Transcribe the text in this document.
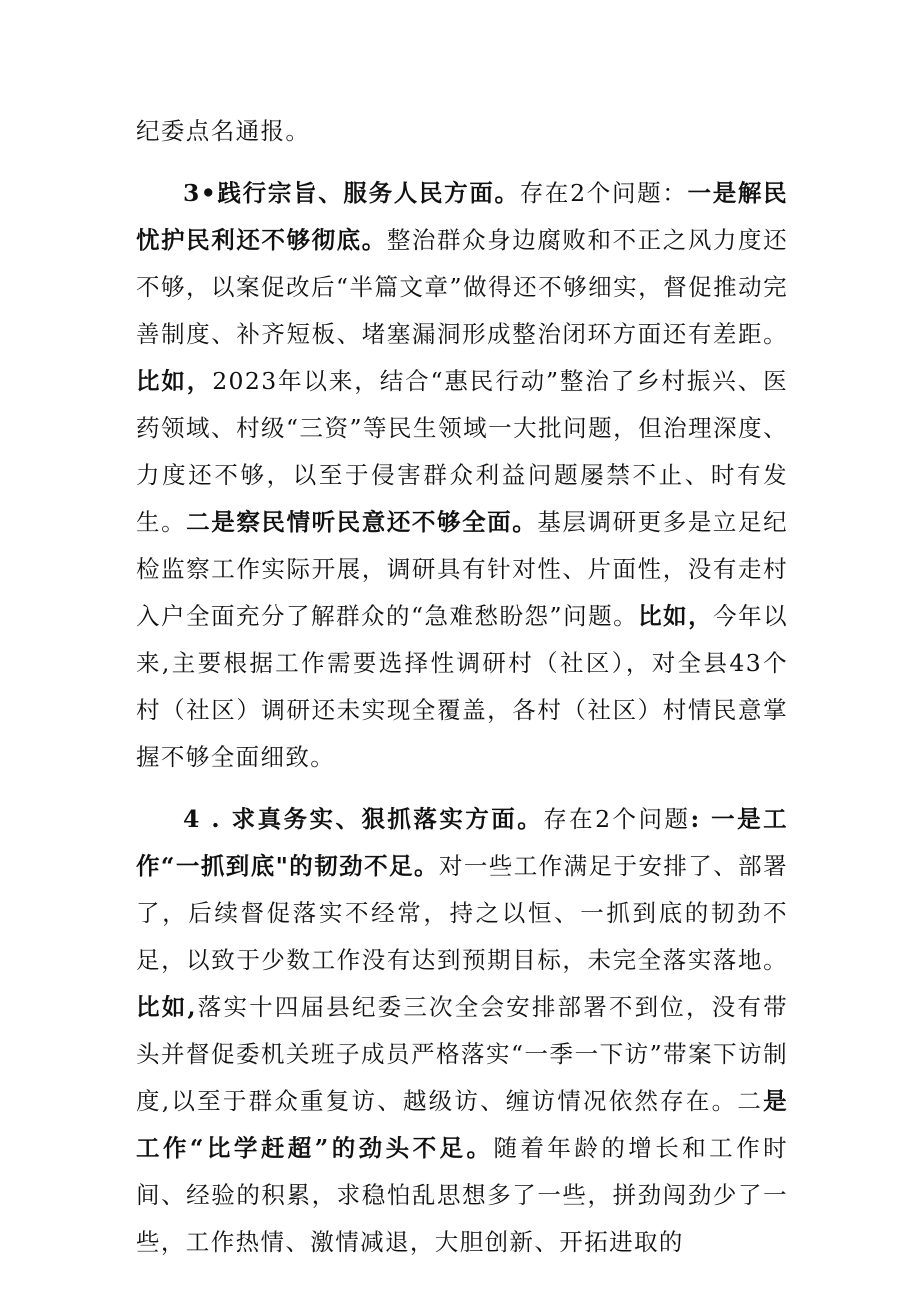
纪委点名通报。

3•践行宗旨、服务人民方面。存在2个问题：一是解民忧护民利还不够彻底。整治群众身边腐败和不正之风力度还不够，以案促改后“半篇文章”做得还不够细实，督促推动完善制度、补齐短板、堵塞漏洞形成整治闭环方面还有差距。比如，2023年以来，结合“惠民行动”整治了乡村振兴、医药领域、村级“三资”等民生领域一大批问题，但治理深度、力度还不够，以至于侵害群众利益问题屡禁不止、时有发生。二是察民情听民意还不够全面。基层调研更多是立足纪检监察工作实际开展，调研具有针对性、片面性，没有走村入户全面充分了解群众的“急难愁盼怨”问题。比如，今年以来,主要根据工作需要选择性调研村（社区），对全县43个村（社区）调研还未实现全覆盖，各村（社区）村情民意掌握不够全面细致。

4 . 求真务实、狠抓落实方面。存在2个问题: 一是工作“一抓到底"的韧劲不足。对一些工作满足于安排了、部署了，后续督促落实不经常，持之以恒、一抓到底的韧劲不足，以致于少数工作没有达到预期目标，未完全落实落地。比如,落实十四届县纪委三次全会安排部署不到位，没有带头并督促委机关班子成员严格落实“一季一下访”带案下访制度,以至于群众重复访、越级访、缠访情况依然存在。二是工作“比学赶超”的劲头不足。随着年龄的增长和工作时间、经验的积累，求稳怕乱思想多了一些，拼劲闯劲少了一些，工作热情、激情减退，大胆创新、开拓进取的
